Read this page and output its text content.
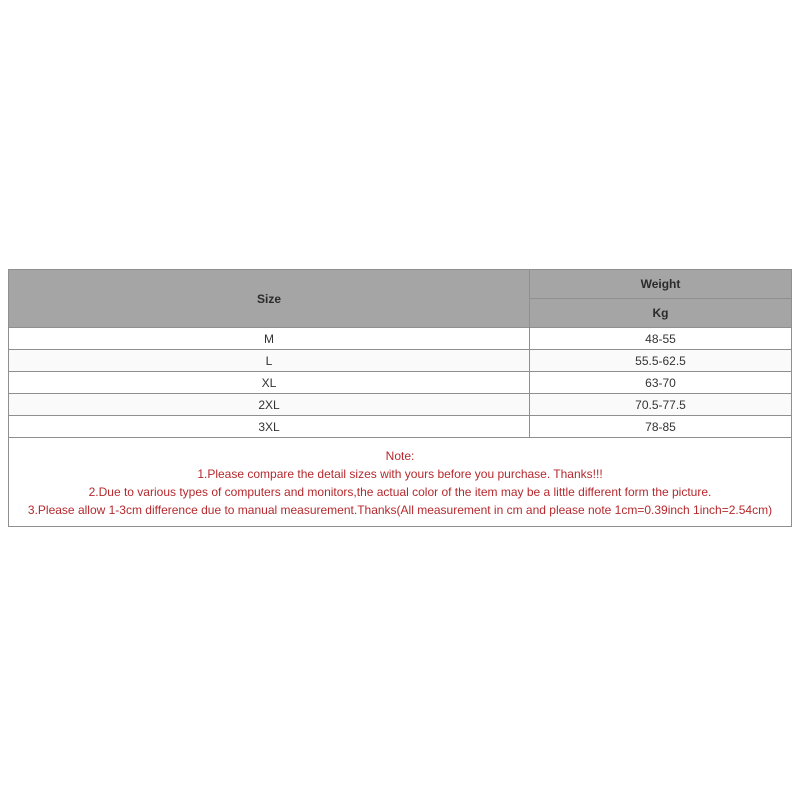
Size	Weight
	Kg
M	48-55
L	55.5-62.5
XL	63-70
2XL	70.5-77.5
3XL	78-85

Note:
1.Please compare the detail sizes with yours before you purchase. Thanks!!!
2.Due to various types of computers and monitors,the actual color of the item may be a little different form the picture.
3.Please allow 1-3cm difference due to manual measurement.Thanks(All measurement in cm and please note 1cm=0.39inch 1inch=2.54cm)	
